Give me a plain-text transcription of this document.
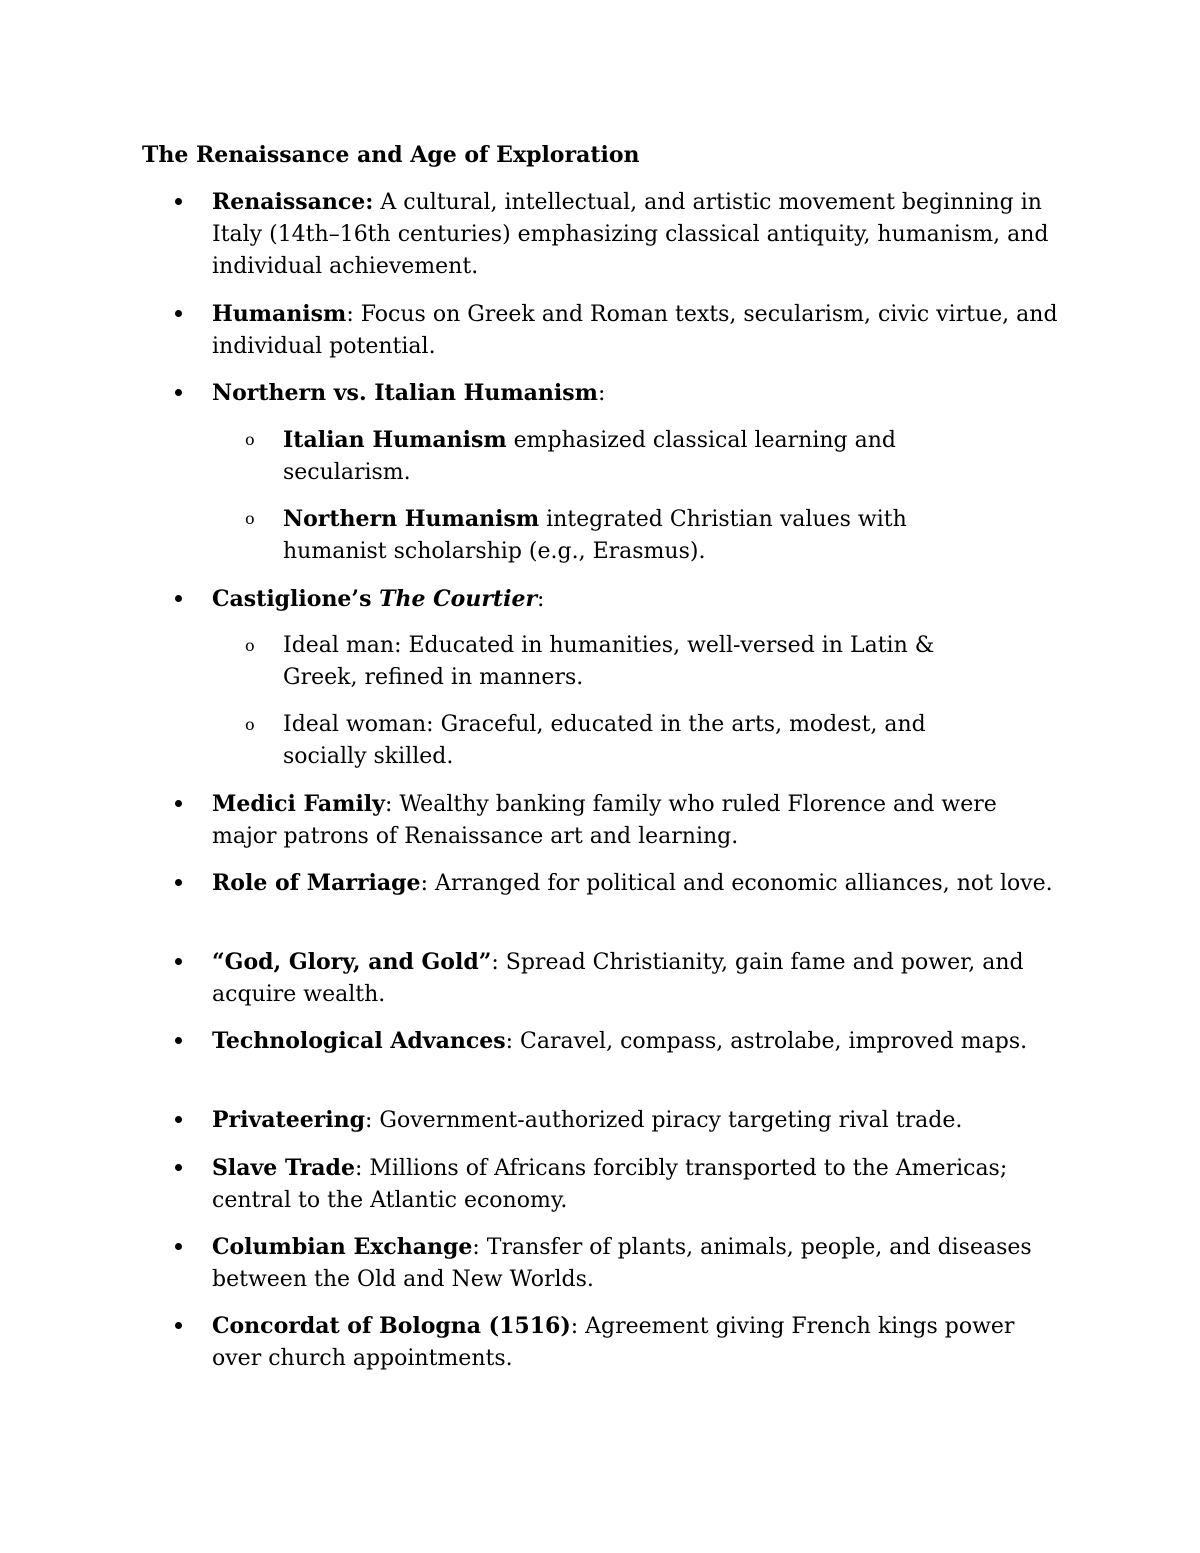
The Renaissance and Age of Exploration
Renaissance: A cultural, intellectual, and artistic movement beginning in Italy (14th–16th centuries) emphasizing classical antiquity, humanism, and individual achievement.
Humanism: Focus on Greek and Roman texts, secularism, civic virtue, and individual potential.
Northern vs. Italian Humanism:
o Italian Humanism emphasized classical learning and secularism.
o Northern Humanism integrated Christian values with humanist scholarship (e.g., Erasmus).
Castiglione’s The Courtier:
o Ideal man: Educated in humanities, well-versed in Latin & Greek, refined in manners.
o Ideal woman: Graceful, educated in the arts, modest, and socially skilled.
Medici Family: Wealthy banking family who ruled Florence and were major patrons of Renaissance art and learning.
Role of Marriage: Arranged for political and economic alliances, not love.
“God, Glory, and Gold”: Spread Christianity, gain fame and power, and acquire wealth.
Technological Advances: Caravel, compass, astrolabe, improved maps.
Privateering: Government-authorized piracy targeting rival trade.
Slave Trade: Millions of Africans forcibly transported to the Americas; central to the Atlantic economy.
Columbian Exchange: Transfer of plants, animals, people, and diseases between the Old and New Worlds.
Concordat of Bologna (1516): Agreement giving French kings power over church appointments.
